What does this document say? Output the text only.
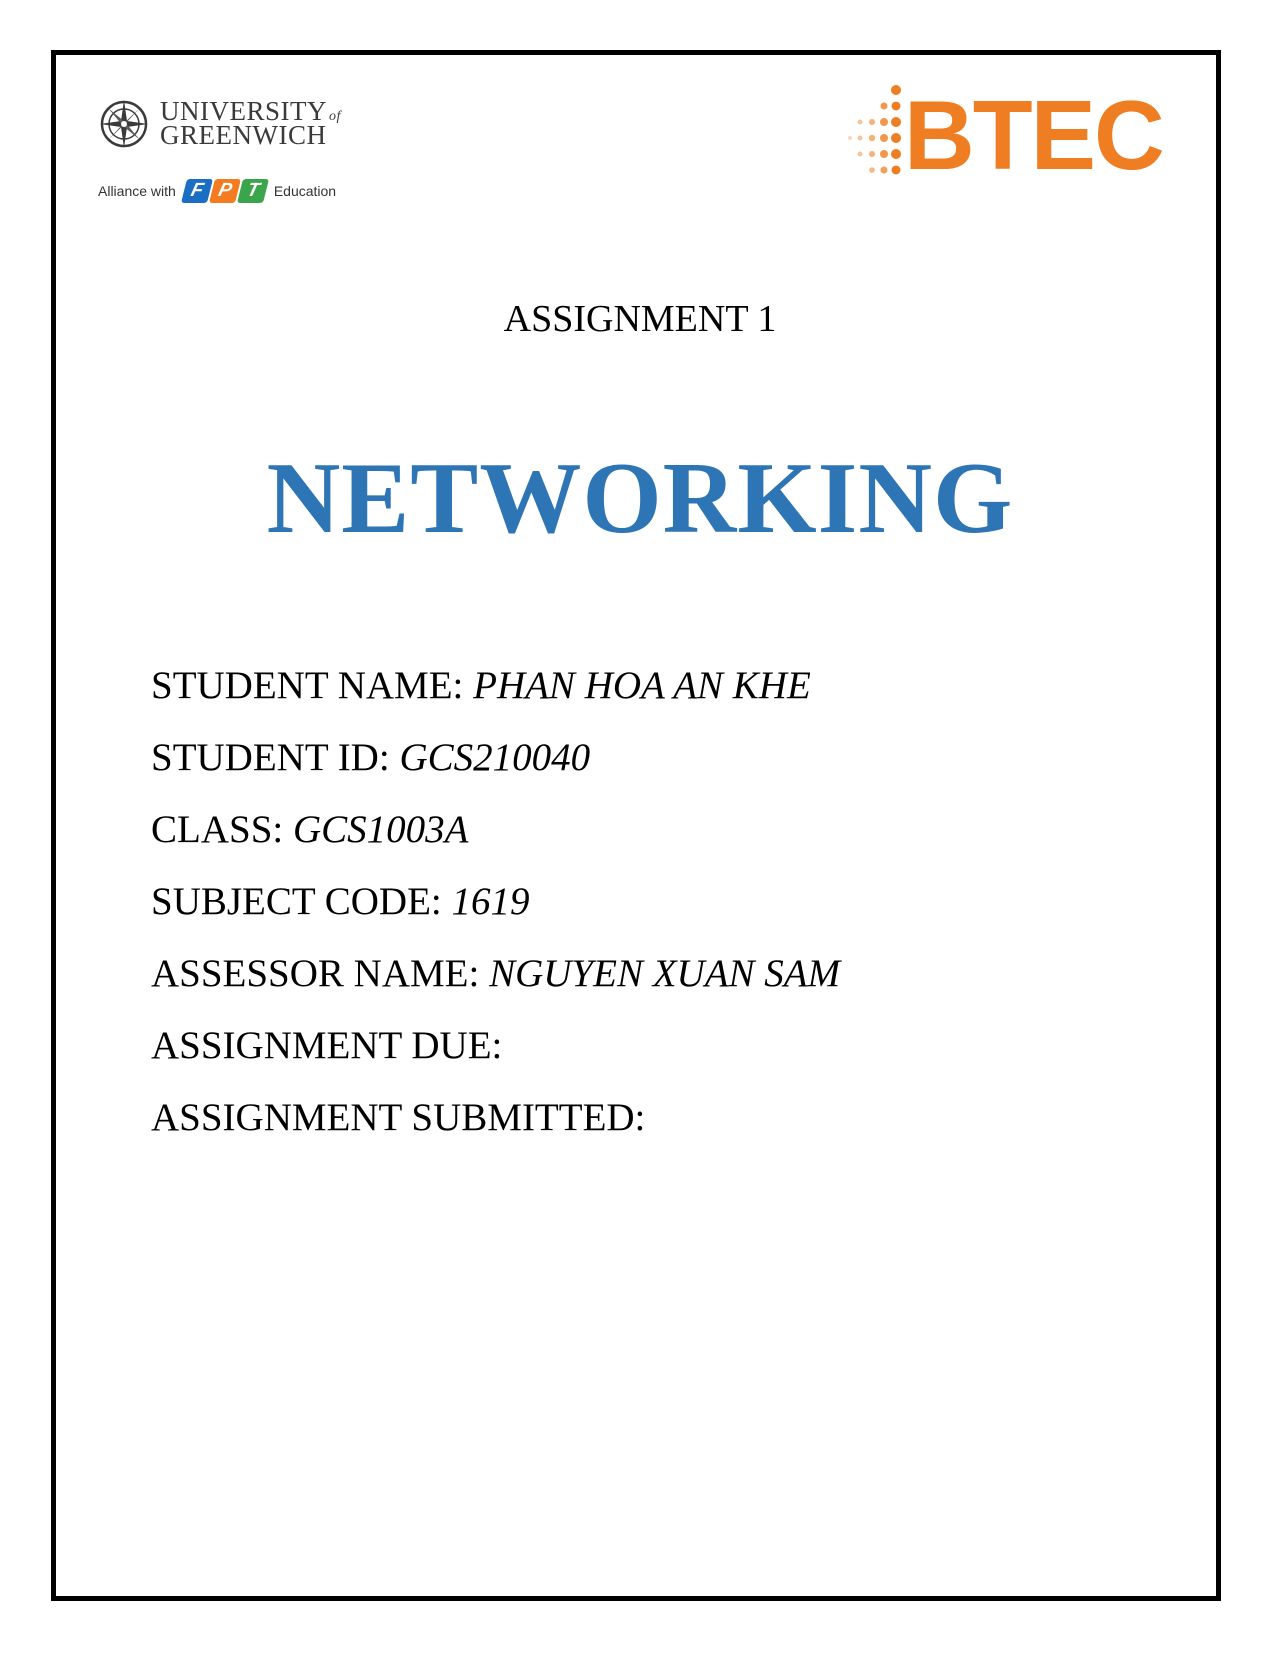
UNIVERSITY of
GREENWICH
Alliance with F P T Education
BTEC
ASSIGNMENT 1
NETWORKING
STUDENT NAME: PHAN HOA AN KHE
STUDENT ID: GCS210040
CLASS: GCS1003A
SUBJECT CODE: 1619
ASSESSOR NAME: NGUYEN XUAN SAM
ASSIGNMENT DUE:
ASSIGNMENT SUBMITTED:
